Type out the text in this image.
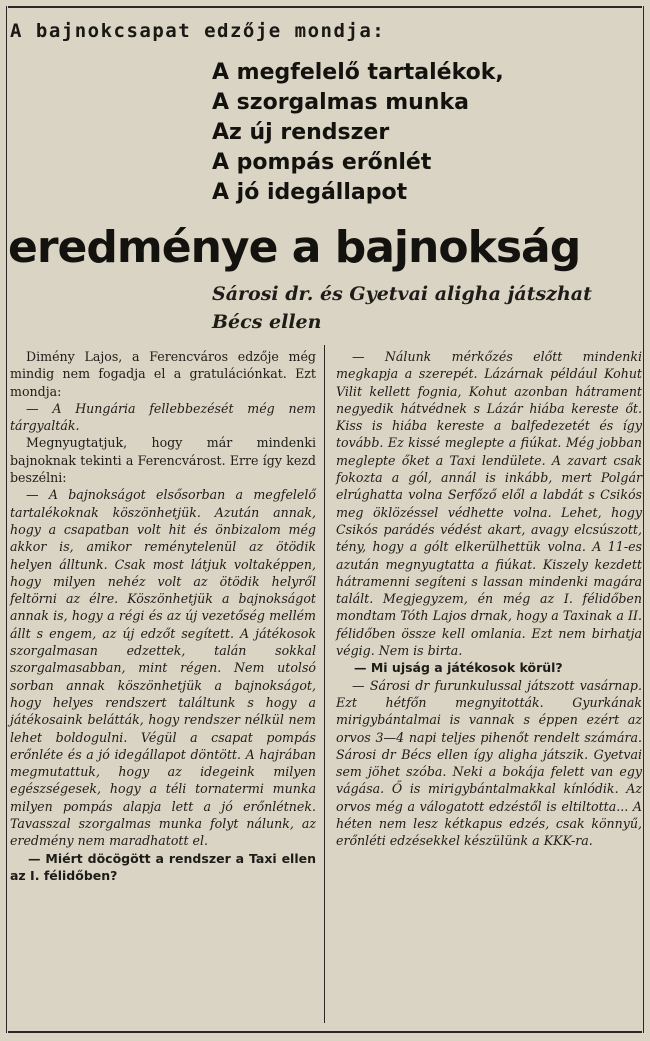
A bajnokcsapat edzője mondja:
A megfelelő tartalékok,
A szorgalmas munka
Az új rendszer
A pompás erőnlét
A jó idegállapot
eredménye a bajnokság
Sárosi dr. és Gyetvai aligha játszhat
Bécs ellen

Dimény Lajos, a Ferencváros edzője még mindig nem fogadja el a gratulációnkat. Ezt mondja:

— A Hungária fellebbezését még nem tárgyalták.

Megnyugtatjuk, hogy már mindenki bajnoknak tekinti a Ferencvárost. Erre így kezd beszélni:

— A bajnokságot elsősorban a megfelelő tartalékoknak köszönhetjük. Azután annak, hogy a csapatban volt hit és önbizalom még akkor is, amikor reménytelenül az ötödik helyen álltunk. Csak most látjuk voltaképpen, hogy milyen nehéz volt az ötödik helyről feltörni az élre. Köszönhetjük a bajnokságot annak is, hogy a régi és az új vezetőség mellém állt s engem, az új edzőt segített. A játékosok szorgalmasan edzettek, talán sokkal szorgalmasabban, mint régen. Nem utolsó sorban annak köszönhetjük a bajnokságot, hogy helyes rendszert találtunk s hogy a játékosaink belátták, hogy rendszer nélkül nem lehet boldogulni. Végül a csapat pompás erőnléte és a jó idegállapot döntött. A hajrában megmutattuk, hogy az idegeink milyen egészségesek, hogy a téli tornatermi munka milyen pompás alapja lett a jó erőnlétnek. Tavasszal szorgalmas munka folyt nálunk, az eredmény nem maradhatott el.

— Miért döcögött a rendszer a Taxi ellen az I. félidőben?

— Nálunk mérkőzés előtt mindenki megkapja a szerepét. Lázárnak például Kohut Vilit kellett fognia, Kohut azonban hátrament negyedik hátvédnek s Lázár hiába kereste őt. Kiss is hiába kereste a balfedezetét és így tovább. Ez kissé meglepte a fiúkat. Még jobban meglepte őket a Taxi lendülete. A zavart csak fokozta a gól, annál is inkább, mert Polgár elrúghatta volna Serfőző elől a labdát s Csikós meg öklözéssel védhette volna. Lehet, hogy Csikós parádés védést akart, avagy elcsúszott, tény, hogy a gólt elkerülhettük volna. A 11-es azután megnyugtatta a fiúkat. Kiszely kezdett hátramenni segíteni s lassan mindenki magára talált. Megjegyzem, én még az I. félidőben mondtam Tóth Lajos drnak, hogy a Taxinak a II. félidőben össze kell omlania. Ezt nem birhatja végig. Nem is birta.

— Mi ujság a játékosok körül?

— Sárosi dr furunkulussal játszott vasárnap. Ezt hétfőn megnyitották. Gyurkának mirigybántalmai is vannak s éppen ezért az orvos 3—4 napi teljes pihenőt rendelt számára. Sárosi dr Bécs ellen így aligha játszik. Gyetvai sem jöhet szóba. Neki a bokája felett van egy vágása. Ő is mirigybántalmakkal kínlódik. Az orvos még a válogatott edzéstől is eltiltotta... A héten nem lesz kétkapus edzés, csak könnyű, erőnléti edzésekkel készülünk a KKK-ra.
